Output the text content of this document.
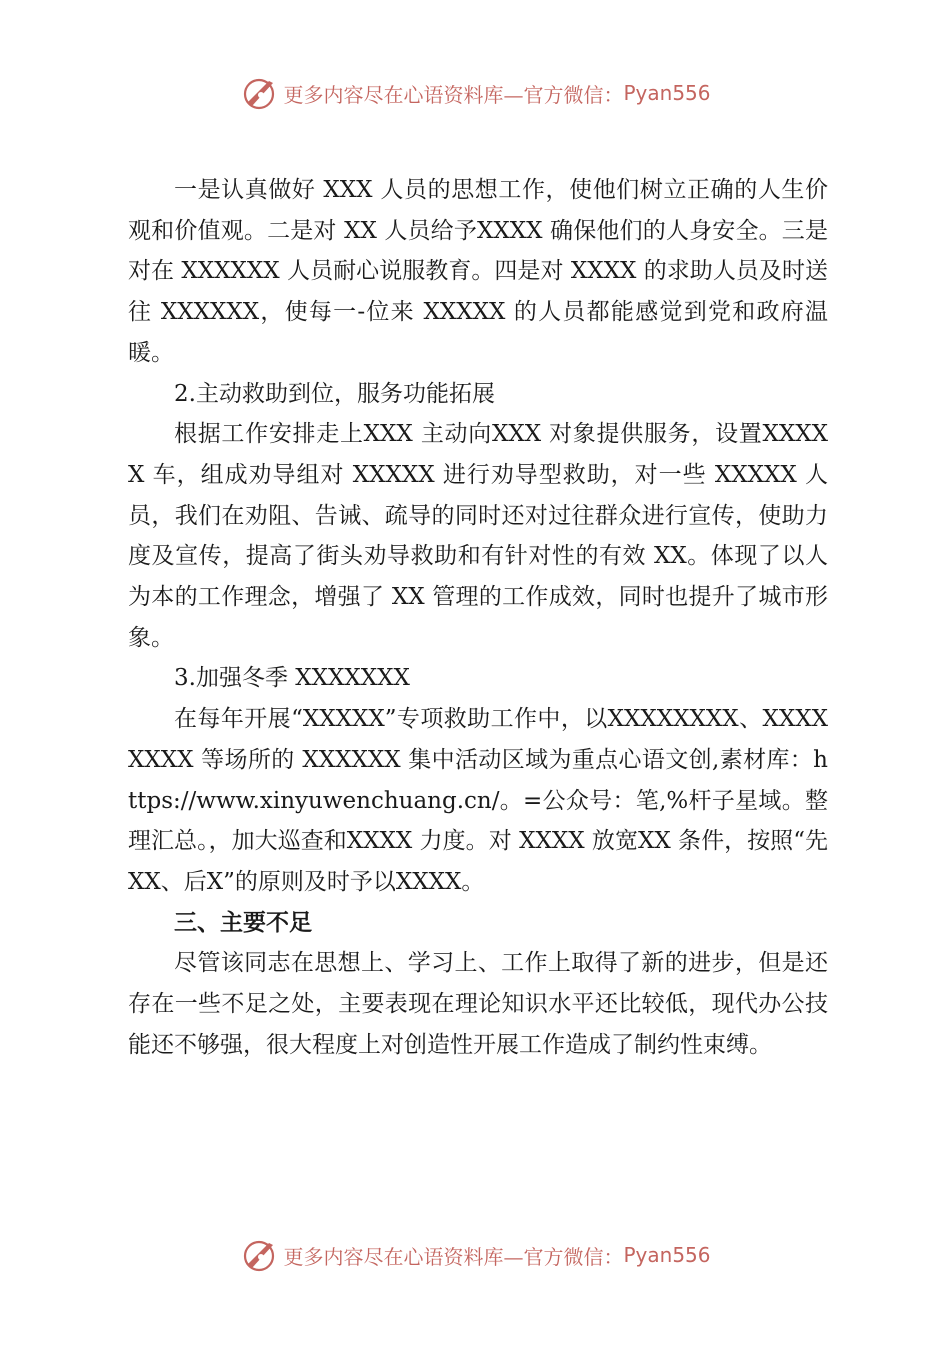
更多内容尽在心语资料库—官方微信： Pyan556

一是认真做好 XXX 人员的思想工作，使他们树立正确的人生价观和价值观。二是对 XX 人员给予XXXX 确保他们的人身安全。三是对在 XXXXXX 人员耐心说服教育。四是对 XXXX 的求助人员及时送往 XXXXXX，使每一-位来 XXXXX 的人员都能感觉到党和政府温暖。

2.主动救助到位，服务功能拓展

根据工作安排走上XXX 主动向XXX 对象提供服务，设置XXXXX 车，组成劝导组对 XXXXX 进行劝导型救助，对一些 XXXXX 人员，我们在劝阻、告诫、疏导的同时还对过往群众进行宣传，使助力度及宣传，提高了街头劝导救助和有针对性的有效 XX。体现了以人为本的工作理念，增强了 XX 管理的工作成效，同时也提升了城市形象。

3.加强冬季 XXXXXXX

在每年开展“XXXXX”专项救助工作中，以XXXXXXXX、XXXXXXXX 等场所的 XXXXXX 集中活动区域为重点心语文创,素材库：https://www.xinyuwenchuang.cn/。=公众号：笔,%杆子星域。整理汇总。，加大巡查和XXXX 力度。对 XXXX 放宽XX 条件，按照“先 XX、后X”的原则及时予以XXXX。

三、主要不足

尽管该同志在思想上、学习上、工作上取得了新的进步，但是还存在一些不足之处，主要表现在理论知识水平还比较低，现代办公技能还不够强，很大程度上对创造性开展工作造成了制约性束缚。

更多内容尽在心语资料库—官方微信： Pyan556
